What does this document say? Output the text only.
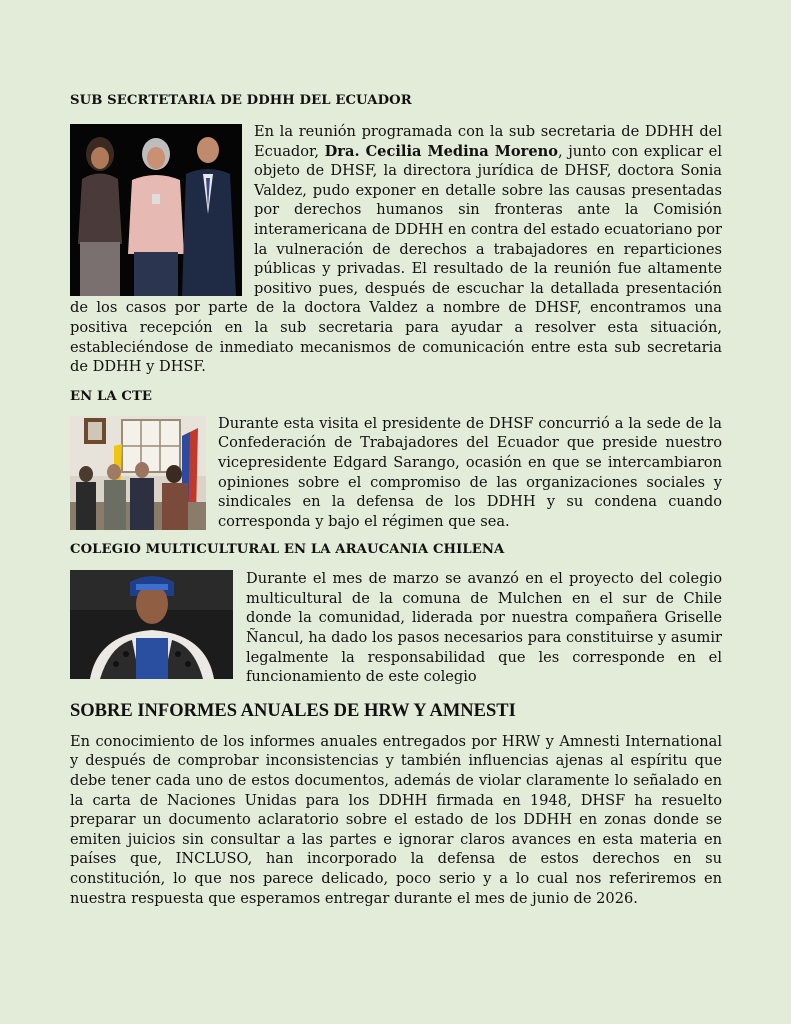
SUB SECRTETARIA DE DDHH DEL ECUADOR

En la reunión programada con la sub secretaria de DDHH del Ecuador, Dra. Cecilia Medina Moreno, junto con explicar el objeto de DHSF, la directora jurídica de DHSF, doctora Sonia Valdez, pudo exponer en detalle sobre las causas presentadas por derechos humanos sin fronteras ante la Comisión interamericana de DDHH en contra del estado ecuatoriano por la vulneración de derechos a trabajadores en reparticiones públicas y privadas. El resultado de la reunión fue altamente positivo pues, después de escuchar la detallada presentación de los casos por parte de la doctora Valdez a nombre de DHSF, encontramos una positiva recepción en la sub secretaria para ayudar a resolver esta situación, estableciéndose de inmediato mecanismos de comunicación entre esta sub secretaria de DDHH y DHSF.

EN LA CTE

Durante esta visita el presidente de DHSF concurrió a la sede de la Confederación de Trabajadores del Ecuador que preside nuestro vicepresidente Edgard Sarango, ocasión en que se intercambiaron opiniones sobre el compromiso de las organizaciones sociales y sindicales en la defensa de los DDHH y su condena cuando corresponda y bajo el régimen que sea.

COLEGIO MULTICULTURAL EN LA ARAUCANIA CHILENA

Durante el mes de marzo se avanzó en el proyecto del colegio multicultural de la comuna de Mulchen en el sur de Chile donde la comunidad, liderada por nuestra compañera Griselle Ñancul, ha dado los pasos necesarios para constituirse y asumir legalmente la responsabilidad que les corresponde en el funcionamiento de este colegio

SOBRE INFORMES ANUALES DE HRW Y AMNESTI

En conocimiento de los informes anuales entregados por HRW y Amnesti International y después de comprobar inconsistencias y también influencias ajenas al espíritu que debe tener cada uno de estos documentos, además de violar claramente lo señalado en la carta de Naciones Unidas para los DDHH firmada en 1948, DHSF ha resuelto preparar un documento aclaratorio sobre el estado de los DDHH en zonas donde se emiten juicios sin consultar a las partes e ignorar claros avances en esta materia en países que, INCLUSO, han incorporado la defensa de estos derechos en su constitución, lo que nos parece delicado, poco serio y a lo cual nos referiremos en nuestra respuesta que esperamos entregar durante el mes de junio de 2026.
